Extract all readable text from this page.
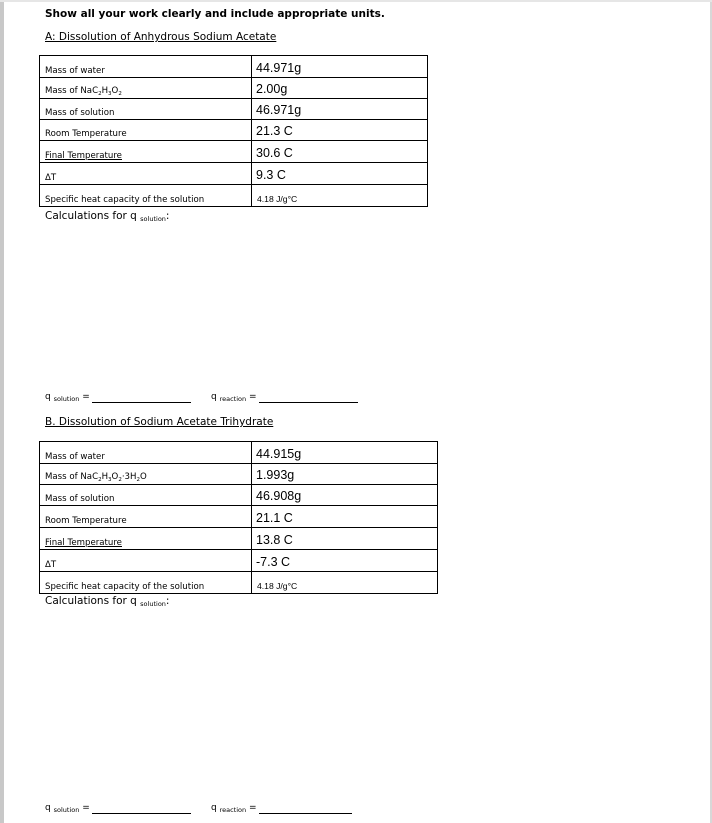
Show all your work clearly and include appropriate units.
A: Dissolution of Anhydrous Sodium Acetate
Mass of water	44.971g
Mass of $NaC_2H_3O_2$	2.00g
Mass of solution	46.971g
Room Temperature	21.3 C
Final Temperature	30.6 C
ΔT	9.3 C
Specific heat capacity of the solution	4.18 J/g°C
Calculations for q $_{solution}$:
q $_{solution}$ =	q $_{reaction}$ =
B. Dissolution of Sodium Acetate Trihydrate
Mass of water	44.915g
Mass of $NaC_2H_3O_2\cdot 3H_2O$	1.993g
Mass of solution	46.908g
Room Temperature	21.1 C
Final Temperature	13.8 C
ΔT	-7.3 C
Specific heat capacity of the solution	4.18 J/g°C
Calculations for q $_{solution}$:
q $_{solution}$ =	q $_{reaction}$ =
